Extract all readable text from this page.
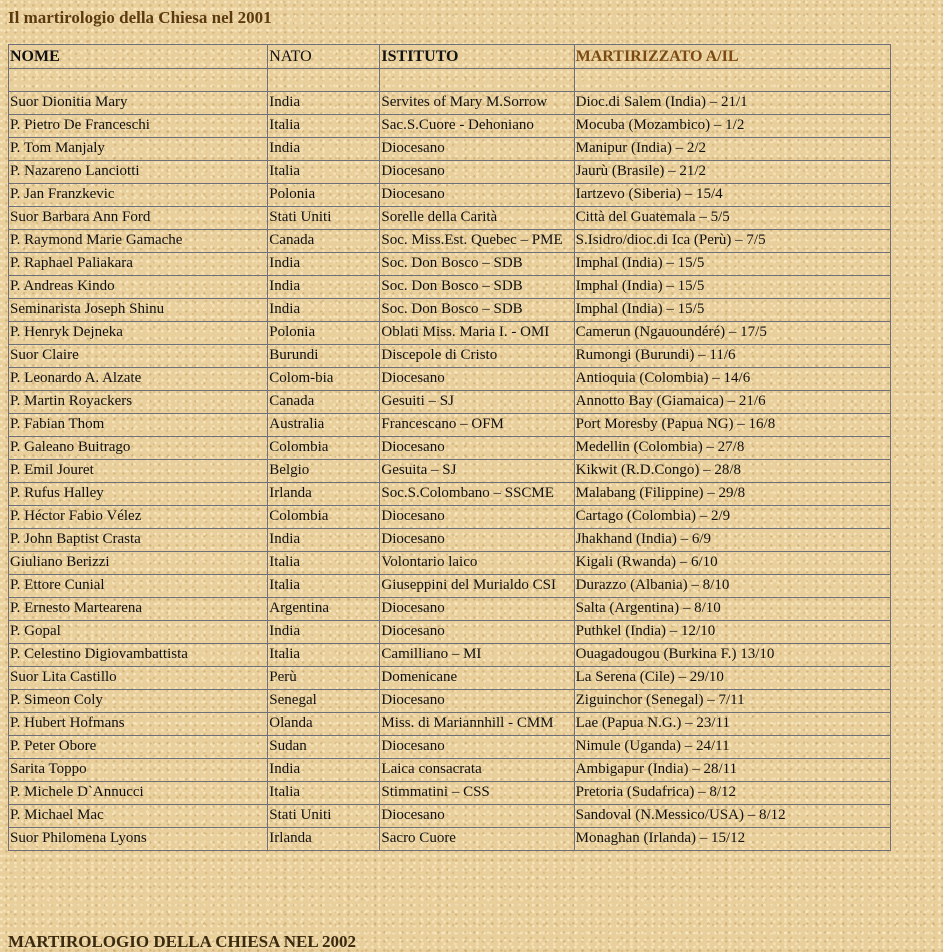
Il martirologio della Chiesa nel 2001
NOME	NATO	ISTITUTO	MARTIRIZZATO A/IL

Suor Dionitia Mary	India	Servites of Mary M.Sorrow	Dioc.di Salem (India) – 21/1
P. Pietro De Franceschi	Italia	Sac.S.Cuore - Dehoniano	Mocuba (Mozambico) – 1/2
P. Tom Manjaly	India	Diocesano	Manipur (India) – 2/2
P. Nazareno Lanciotti	Italia	Diocesano	Jaurù (Brasile) – 21/2
P. Jan Franzkevic	Polonia	Diocesano	Iartzevo (Siberia) – 15/4
Suor Barbara Ann Ford	Stati Uniti	Sorelle della Carità	Città del Guatemala – 5/5
P. Raymond Marie Gamache	Canada	Soc. Miss.Est. Quebec – PME	S.Isidro/dioc.di Ica (Perù) – 7/5
P. Raphael Paliakara	India	Soc. Don Bosco – SDB	Imphal (India) – 15/5
P. Andreas Kindo	India	Soc. Don Bosco – SDB	Imphal (India) – 15/5
Seminarista Joseph Shinu	India	Soc. Don Bosco – SDB	Imphal (India) – 15/5
P. Henryk Dejneka	Polonia	Oblati Miss. Maria I. - OMI	Camerun (Ngauoundéré) – 17/5
Suor Claire	Burundi	Discepole di Cristo	Rumongi (Burundi) – 11/6
P. Leonardo A. Alzate	Colom-bia	Diocesano	Antioquia (Colombia) – 14/6
P. Martin Royackers	Canada	Gesuiti – SJ	Annotto Bay (Giamaica) – 21/6
P. Fabian Thom	Australia	Francescano – OFM	Port Moresby (Papua NG) – 16/8
P. Galeano Buitrago	Colombia	Diocesano	Medellin (Colombia) – 27/8
P. Emil Jouret	Belgio	Gesuita – SJ	Kikwit (R.D.Congo) – 28/8
P. Rufus Halley	Irlanda	Soc.S.Colombano – SSCME	Malabang (Filippine) – 29/8
P. Héctor Fabio Vélez	Colombia	Diocesano	Cartago (Colombia) – 2/9
P. John Baptist Crasta	India	Diocesano	Jhakhand (India) – 6/9
Giuliano Berizzi	Italia	Volontario laico	Kigali (Rwanda) – 6/10
P. Ettore Cunial	Italia	Giuseppini del Murialdo CSI	Durazzo (Albania) – 8/10
P. Ernesto Martearena	Argentina	Diocesano	Salta (Argentina) – 8/10
P. Gopal	India	Diocesano	Puthkel (India) – 12/10
P. Celestino Digiovambattista	Italia	Camilliano – MI	Ouagadougou (Burkina F.) 13/10
Suor Lita Castillo	Perù	Domenicane	La Serena (Cile) – 29/10
P. Simeon Coly	Senegal	Diocesano	Ziguinchor (Senegal) – 7/11
P. Hubert Hofmans	Olanda	Miss. di Mariannhill - CMM	Lae (Papua N.G.) – 23/11
P. Peter Obore	Sudan	Diocesano	Nimule (Uganda) – 24/11
Sarita Toppo	India	Laica consacrata	Ambigapur (India) – 28/11
P. Michele D`Annucci	Italia	Stimmatini – CSS	Pretoria (Sudafrica) – 8/12
P. Michael Mac	Stati Uniti	Diocesano	Sandoval (N.Messico/USA) – 8/12
Suor Philomena Lyons	Irlanda	Sacro Cuore	Monaghan (Irlanda) – 15/12
MARTIROLOGIO DELLA CHIESA NEL 2002
